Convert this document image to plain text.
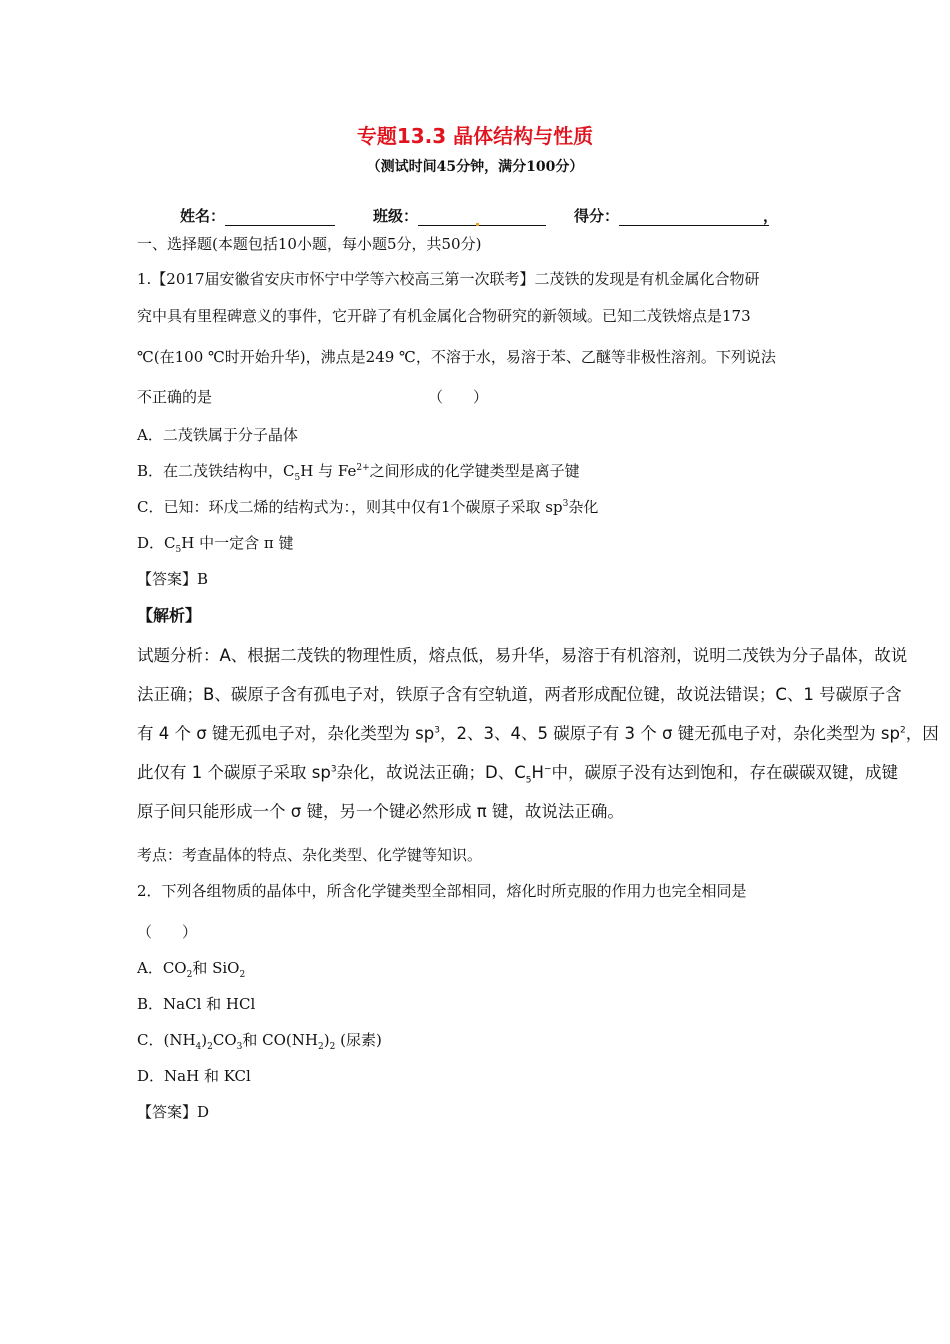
专题13.3 晶体结构与性质
（测试时间45分钟，满分100分）
姓名：	班级：	得分：	，
一、选择题(本题包括10小题，每小题5分，共50分)
1.【2017届安徽省安庆市怀宁中学等六校高三第一次联考】二茂铁的发现是有机金属化合物研
究中具有里程碑意义的事件，它开辟了有机金属化合物研究的新领域。已知二茂铁熔点是173
℃(在100 ℃时开始升华)，沸点是249 ℃，不溶于水，易溶于苯、乙醚等非极性溶剂。下列说法
不正确的是	（　　）
A．二茂铁属于分子晶体
B．在二茂铁结构中，$C_5H$ 与 $Fe^{2+}$之间形成的化学键类型是离子键
C．已知：环戊二烯的结构式为：，则其中仅有1个碳原子采取 $sp^3$杂化
D．$C_5H$ 中一定含 π 键
【答案】B
【解析】
试题分析：A、根据二茂铁的物理性质，熔点低，易升华，易溶于有机溶剂，说明二茂铁为分子晶体，故说
法正确；B、碳原子含有孤电子对，铁原子含有空轨道，两者形成配位键，故说法错误；C、1 号碳原子含
有 4 个 σ 键无孤电子对，杂化类型为 $sp^3$，2、3、4、5 碳原子有 3 个 σ 键无孤电子对，杂化类型为 $sp^2$，因
此仅有 1 个碳原子采取 $sp^3$杂化，故说法正确；D、$C_5H^-$中，碳原子没有达到饱和，存在碳碳双键，成键
原子间只能形成一个 σ 键，另一个键必然形成 π 键，故说法正确。
考点：考查晶体的特点、杂化类型、化学键等知识。
2．下列各组物质的晶体中，所含化学键类型全部相同，熔化时所克服的作用力也完全相同是
（　　）
A．$CO_2$和 SiO$_2$
B．NaCl 和 HCl
C．$(NH_4)_2CO_3$和 $CO(NH_2)_2$ (尿素)
D．NaH 和 KCl
【答案】D
